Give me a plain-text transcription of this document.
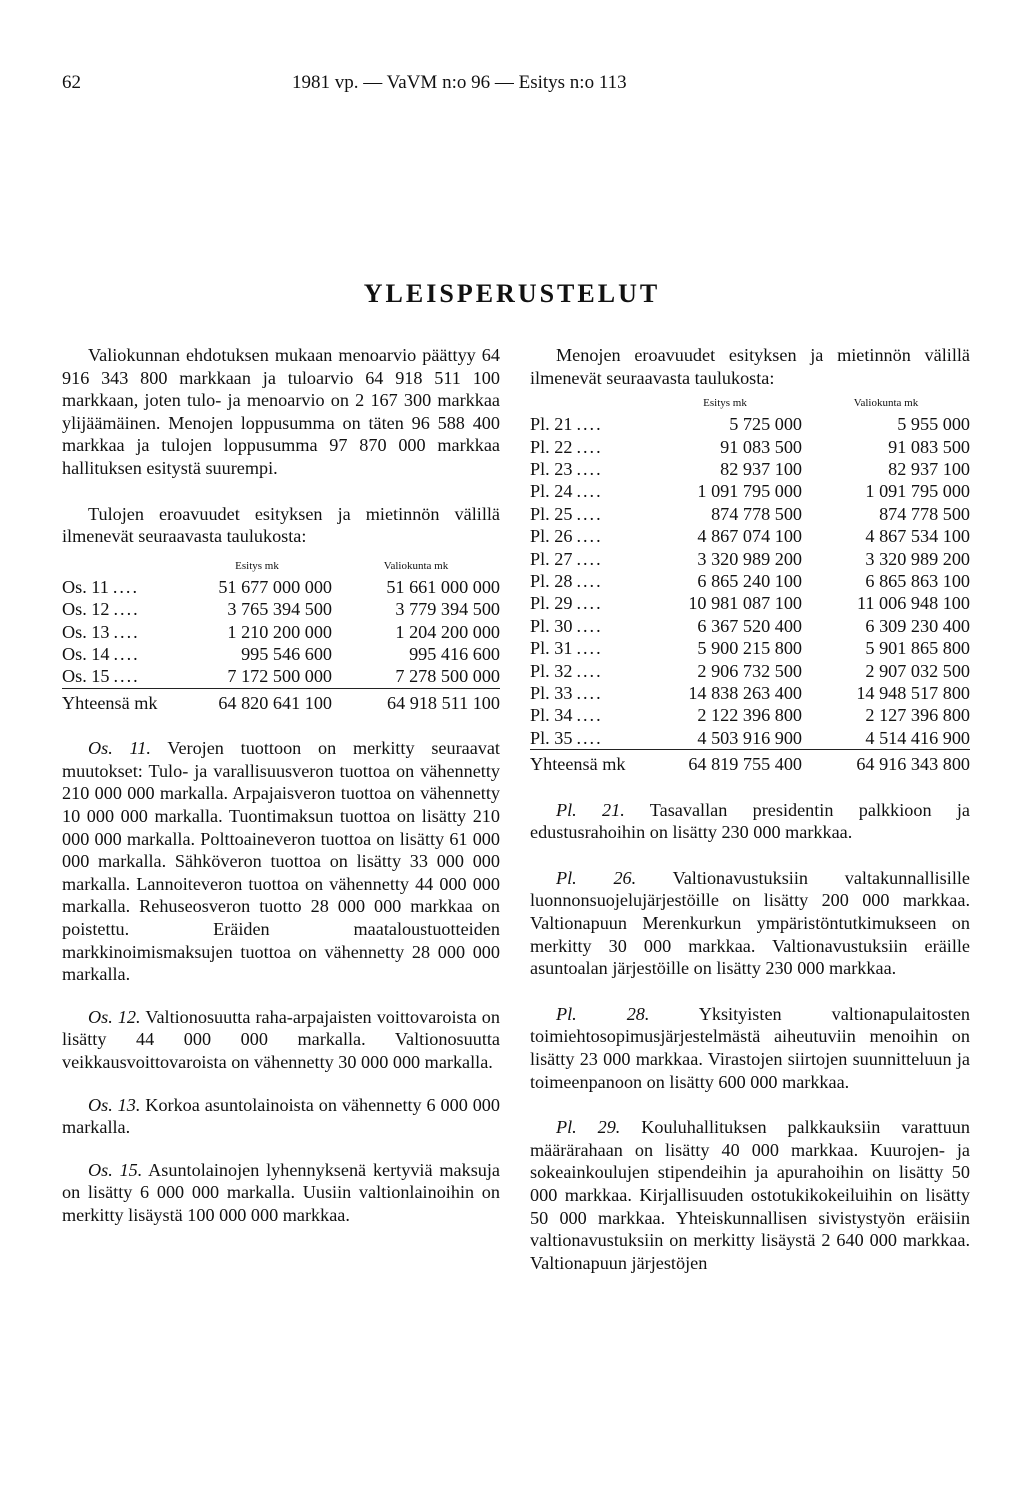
62	1981 vp. — VaVM n:o 96 — Esitys n:o 113
YLEISPERUSTELUT

Valiokunnan ehdotuksen mukaan menoarvio päättyy 64 916 343 800 markkaan ja tuloarvio 64 918 511 100 markkaan, joten tulo- ja menoarvio on 2 167 300 markkaa ylijäämäinen. Menojen loppusumma on täten 96 588 400 markkaa ja tulojen loppusumma 97 870 000 markkaa hallituksen esitystä suurempi.

Tulojen eroavuudet esityksen ja mietinnön välillä ilmenevät seuraavasta taulukosta:

	Esitys mk	Valiokunta mk
Os. 11 ....	51 677 000 000	51 661 000 000
Os. 12 ....	3 765 394 500	3 779 394 500
Os. 13 ....	1 210 200 000	1 204 200 000
Os. 14 ....	995 546 600	995 416 600
Os. 15 ....	7 172 500 000	7 278 500 000
Yhteensä mk	64 820 641 100	64 918 511 100

Os. 11. Verojen tuottoon on merkitty seuraavat muutokset: Tulo- ja varallisuusveron tuottoa on vähennetty 210 000 000 markalla. Arpajaisveron tuottoa on vähennetty 10 000 000 markalla. Tuontimaksun tuottoa on lisätty 210 000 000 markalla. Polttoaineveron tuottoa on lisätty 61 000 000 markalla. Sähköveron tuottoa on lisätty 33 000 000 markalla. Lannoiteveron tuottoa on vähennetty 44 000 000 markalla. Rehuseosveron tuotto 28 000 000 markkaa on poistettu. Eräiden maataloustuotteiden markkinoimismaksujen tuottoa on vähennetty 28 000 000 markalla.

Os. 12. Valtionosuutta raha-arpajaisten voittovaroista on lisätty 44 000 000 markalla. Valtionosuutta veikkausvoittovaroista on vähennetty 30 000 000 markalla.

Os. 13. Korkoa asuntolainoista on vähennetty 6 000 000 markalla.

Os. 15. Asuntolainojen lyhennyksenä kertyviä maksuja on lisätty 6 000 000 markalla. Uusiin valtionlainoihin on merkitty lisäystä 100 000 000 markkaa.

Menojen eroavuudet esityksen ja mietinnön välillä ilmenevät seuraavasta taulukosta:

	Esitys mk	Valiokunta mk
Pl. 21 ....	5 725 000	5 955 000
Pl. 22 ....	91 083 500	91 083 500
Pl. 23 ....	82 937 100	82 937 100
Pl. 24 ....	1 091 795 000	1 091 795 000
Pl. 25 ....	874 778 500	874 778 500
Pl. 26 ....	4 867 074 100	4 867 534 100
Pl. 27 ....	3 320 989 200	3 320 989 200
Pl. 28 ....	6 865 240 100	6 865 863 100
Pl. 29 ....	10 981 087 100	11 006 948 100
Pl. 30 ....	6 367 520 400	6 309 230 400
Pl. 31 ....	5 900 215 800	5 901 865 800
Pl. 32 ....	2 906 732 500	2 907 032 500
Pl. 33 ....	14 838 263 400	14 948 517 800
Pl. 34 ....	2 122 396 800	2 127 396 800
Pl. 35 ....	4 503 916 900	4 514 416 900
Yhteensä mk	64 819 755 400	64 916 343 800

Pl. 21. Tasavallan presidentin palkkioon ja edustusrahoihin on lisätty 230 000 markkaa.

Pl. 26. Valtionavustuksiin valtakunnallisille luonnonsuojelujärjestöille on lisätty 200 000 markkaa. Valtionapuun Merenkurkun ympäristöntutkimukseen on merkitty 30 000 markkaa. Valtionavustuksiin eräille asuntoalan järjestöille on lisätty 230 000 markkaa.

Pl. 28. Yksityisten valtionapulaitosten toimiehtosopimusjärjestelmästä aiheutuviin menoihin on lisätty 23 000 markkaa. Virastojen siirtojen suunnitteluun ja toimeenpanoon on lisätty 600 000 markkaa.

Pl. 29. Kouluhallituksen palkkauksiin varattuun määrärahaan on lisätty 40 000 markkaa. Kuurojen- ja sokeainkoulujen stipendeihin ja apurahoihin on lisätty 50 000 markkaa. Kirjallisuuden ostotukikokeiluihin on lisätty 50 000 markkaa. Yhteiskunnallisen sivistystyön eräisiin valtionavustuksiin on merkitty lisäystä 2 640 000 markkaa. Valtionapuun järjestöjen
